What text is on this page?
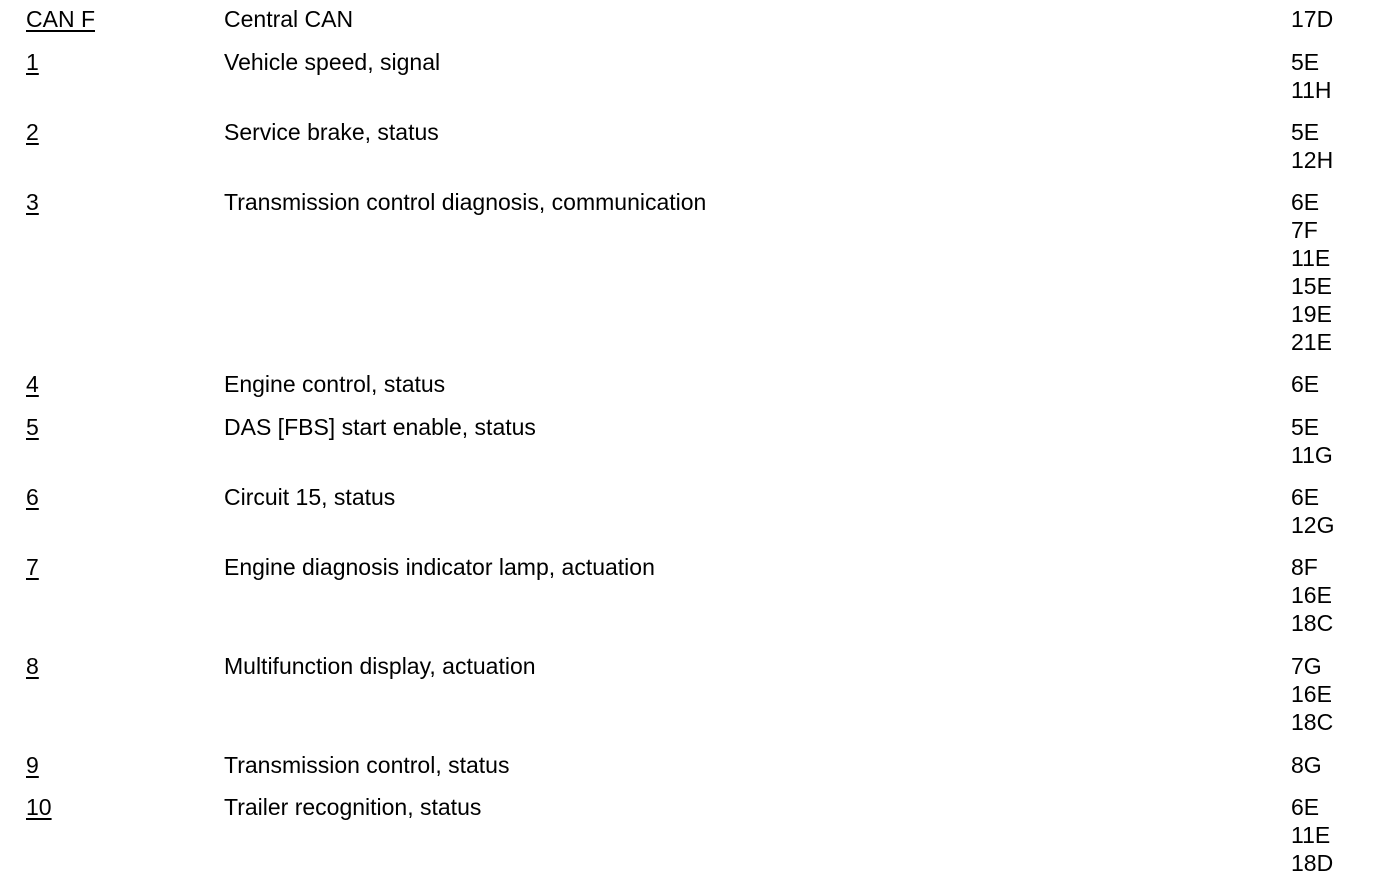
CAN F	Central CAN	17D
1	Vehicle speed, signal	5E
11H
2	Service brake, status	5E
12H
3	Transmission control diagnosis, communication	6E
7F
11E
15E
19E
21E
4	Engine control, status	6E
5	DAS [FBS] start enable, status	5E
11G
6	Circuit 15, status	6E
12G
7	Engine diagnosis indicator lamp, actuation	8F
16E
18C
8	Multifunction display, actuation	7G
16E
18C
9	Transmission control, status	8G
10	Trailer recognition, status	6E
11E
18D
